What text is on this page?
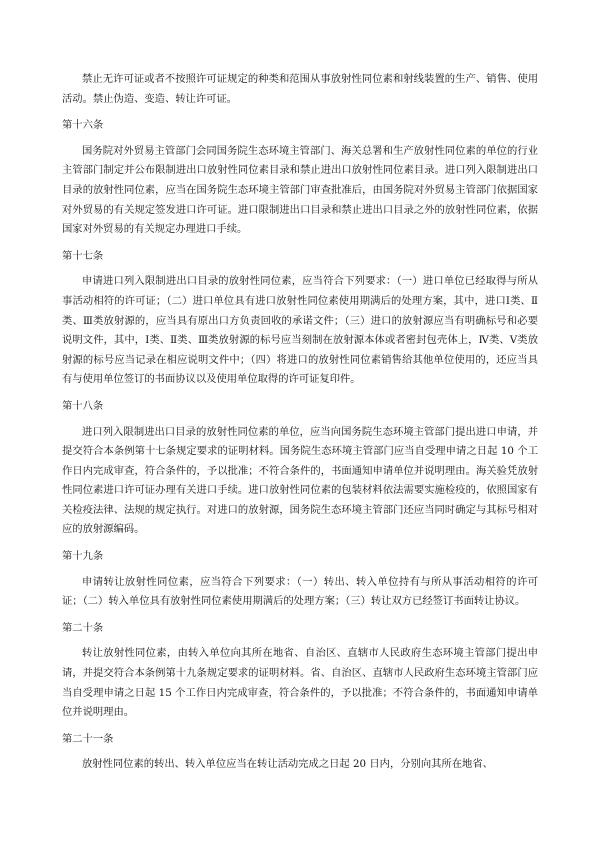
禁止无许可证或者不按照许可证规定的种类和范围从事放射性同位素和射线装置的生产、销售、使用活动。禁止伪造、变造、转让许可证。

第十六条

国务院对外贸易主管部门会同国务院生态环境主管部门、海关总署和生产放射性同位素的单位的行业主管部门制定并公布限制进出口放射性同位素目录和禁止进出口放射性同位素目录。进口列入限制进出口目录的放射性同位素，应当在国务院生态环境主管部门审查批准后，由国务院对外贸易主管部门依据国家对外贸易的有关规定签发进口许可证。进口限制进出口目录和禁止进出口目录之外的放射性同位素，依据国家对外贸易的有关规定办理进口手续。

第十七条

申请进口列入限制进出口目录的放射性同位素，应当符合下列要求：（一）进口单位已经取得与所从事活动相符的许可证；（二）进口单位具有进口放射性同位素使用期满后的处理方案，其中，进口Ⅰ类、Ⅱ类、Ⅲ类放射源的，应当具有原出口方负责回收的承诺文件；（三）进口的放射源应当有明确标号和必要说明文件，其中，Ⅰ类、Ⅱ类、Ⅲ类放射源的标号应当刻制在放射源本体或者密封包壳体上，Ⅳ类、Ⅴ类放射源的标号应当记录在相应说明文件中；（四）将进口的放射性同位素销售给其他单位使用的，还应当具有与使用单位签订的书面协议以及使用单位取得的许可证复印件。

第十八条

进口列入限制进出口目录的放射性同位素的单位，应当向国务院生态环境主管部门提出进口申请，并提交符合本条例第十七条规定要求的证明材料。国务院生态环境主管部门应当自受理申请之日起 10 个工作日内完成审查，符合条件的，予以批准；不符合条件的，书面通知申请单位并说明理由。海关验凭放射性同位素进口许可证办理有关进口手续。进口放射性同位素的包装材料依法需要实施检疫的，依照国家有关检疫法律、法规的规定执行。对进口的放射源，国务院生态环境主管部门还应当同时确定与其标号相对应的放射源编码。

第十九条

申请转让放射性同位素，应当符合下列要求：（一）转出、转入单位持有与所从事活动相符的许可证；（二）转入单位具有放射性同位素使用期满后的处理方案；（三）转让双方已经签订书面转让协议。

第二十条

转让放射性同位素，由转入单位向其所在地省、自治区、直辖市人民政府生态环境主管部门提出申请，并提交符合本条例第十九条规定要求的证明材料。省、自治区、直辖市人民政府生态环境主管部门应当自受理申请之日起 15 个工作日内完成审查，符合条件的，予以批准；不符合条件的，书面通知申请单位并说明理由。

第二十一条

放射性同位素的转出、转入单位应当在转让活动完成之日起 20 日内，分别向其所在地省、
